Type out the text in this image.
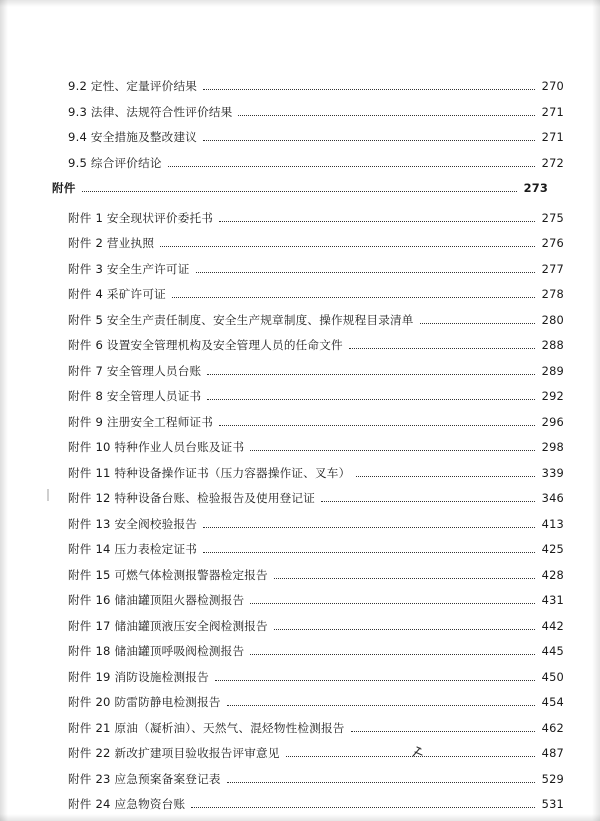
9.2 定性、定量评价结果	270
9.3 法律、法规符合性评价结果	271
9.4 安全措施及整改建议	271
9.5 综合评价结论	272
附件	273
附件 1 安全现状评价委托书	275
附件 2 营业执照	276
附件 3 安全生产许可证	277
附件 4 采矿许可证	278
附件 5 安全生产责任制度、安全生产规章制度、操作规程目录清单	280
附件 6 设置安全管理机构及安全管理人员的任命文件	288
附件 7 安全管理人员台账	289
附件 8 安全管理人员证书	292
附件 9 注册安全工程师证书	296
附件 10 特种作业人员台账及证书	298
附件 11 特种设备操作证书（压力容器操作证、叉车）	339
附件 12 特种设备台账、检验报告及使用登记证	346
附件 13 安全阀校验报告	413
附件 14 压力表检定证书	425
附件 15 可燃气体检测报警器检定报告	428
附件 16 储油罐顶阻火器检测报告	431
附件 17 储油罐顶液压安全阀检测报告	442
附件 18 储油罐顶呼吸阀检测报告	445
附件 19 消防设施检测报告	450
附件 20 防雷防静电检测报告	454
附件 21 原油（凝析油）、天然气、混烃物性检测报告	462
附件 22 新改扩建项目验收报告评审意见	487
附件 23 应急预案备案登记表	529
附件 24 应急物资台账	531
